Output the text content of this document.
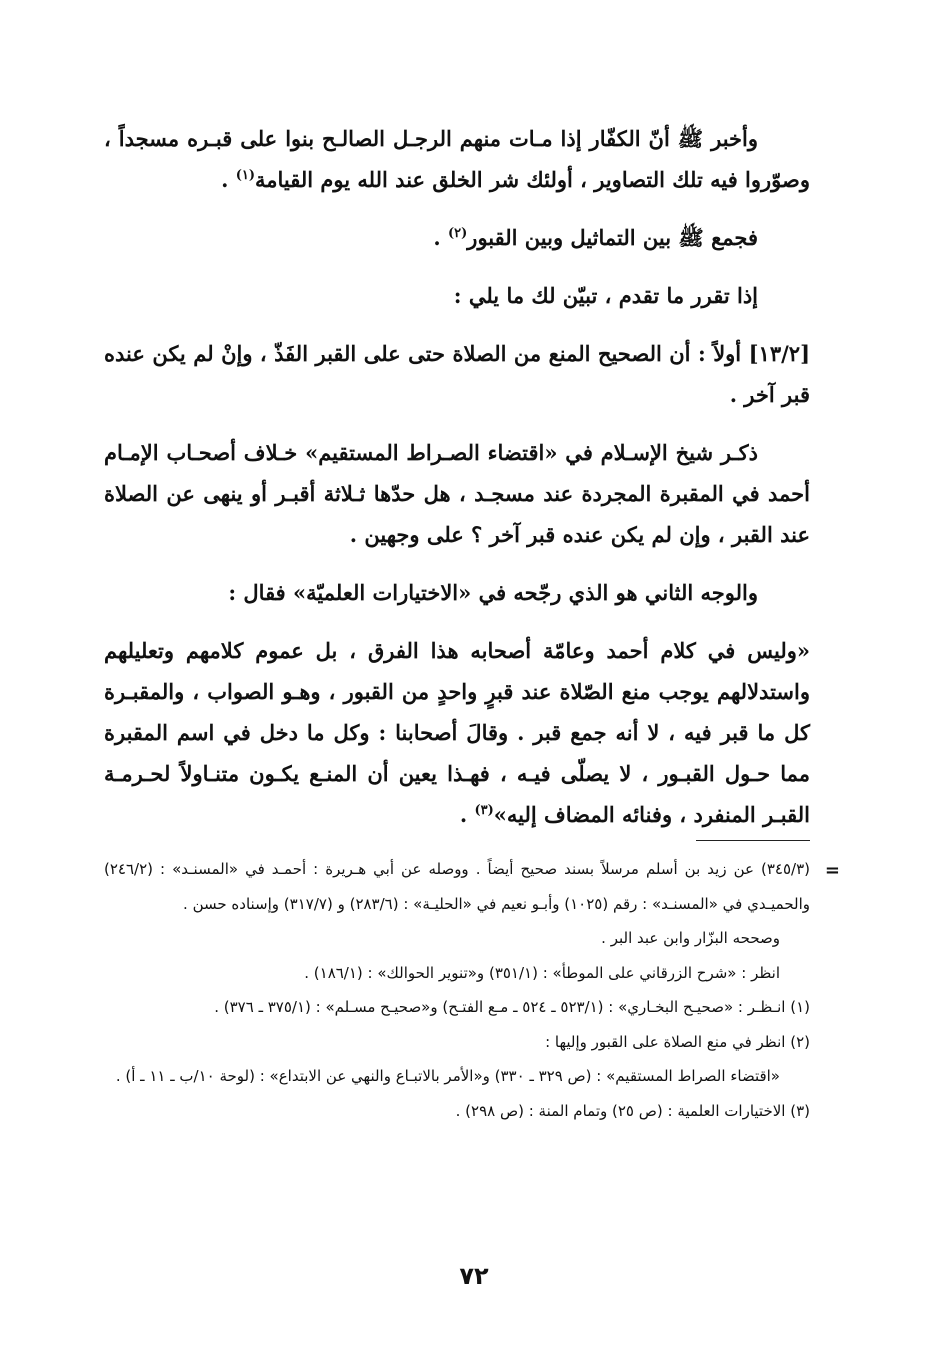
وأخبر ﷺ أنّ الكفّار إذا مـات منهم الرجـل الصالـح بنوا على قبـره مسجداً ، وصوّروا فيه تلك التصاوير ، أولئك شر الخلق عند الله يوم القيامة$^{(١)}$ .

فجمع ﷺ بين التماثيل وبين القبور$^{(٢)}$ .

إذا تقرر ما تقدم ، تبيّن لك ما يلي :

[١٣/٢] أولاً : أن الصحيح المنع من الصلاة حتى على القبر الفَذّ ، وإنْ لم يكن عنده قبر آخر .

ذكـر شيخ الإسـلام في «اقتضاء الصـراط المستقيم» خـلاف أصحـاب الإمـام أحمد في المقبرة المجردة عند مسجـد ، هل حدّها ثـلاثة أقبـر أو ينهى عن الصلاة عند القبر ، وإن لم يكن عنده قبر آخر ؟ على وجهين .

والوجه الثاني هو الذي رجّحه في «الاختيارات العلميّة» فقال :

«وليس في كلام أحمد وعامّة أصحابه هذا الفرق ، بل عموم كلامهم وتعليلهم واستدلالهم يوجب منع الصّلاة عند قبرٍ واحدٍ من القبور ، وهـو الصواب ، والمقبـرة كل ما قبر فيه ، لا أنه جمع قبر . وقالَ أصحابنا : وكل ما دخل في اسم المقبرة مما حـول القبـور ، لا يصلّى فيـه ، فهـذا يعين أن المنـع يكـون متنـاولاً لحـرمـة القبـر المنفرد ، وفنائه المضاف إليه»$^{(٣)}$ .

=

(٣٤٥/٣) عن زيد بن أسلم مرسلاً بسند صحيح أيضاً . ووصله عن أبي هـريرة : أحمـد في «المسنـد» : (٢٤٦/٢) والحميـدي في «المسنـد» : رقم (١٠٢٥) وأبـو نعيم في «الحليـة» : (٢٨٣/٦) و (٣١٧/٧) وإسناده حسن .

وصححه البزّار وابن عبد البر .

انظر : «شرح الزرقاني على الموطأ» : (٣٥١/١) و«تنوير الحوالك» : (١٨٦/١) .

(١) انـظـر : «صحيـح البخـاري» : (٥٢٣/١ ـ ٥٢٤ ـ مـع الفتـح) و«صحيـح مسـلم» : (٣٧٥/١ ـ ٣٧٦) .

(٢) انظر في منع الصلاة على القبور وإليها :

«اقتضاء الصراط المستقيم» : (ص ٣٢٩ ـ ٣٣٠) و«الأمر بالاتبـاع والنهي عن الابتداع» : (لوحة ١٠/ب ـ ١١ ـ أ) .

(٣) الاختيارات العلمية : (ص ٢٥) وتمام المنة : (ص ٢٩٨) .

٧٢
